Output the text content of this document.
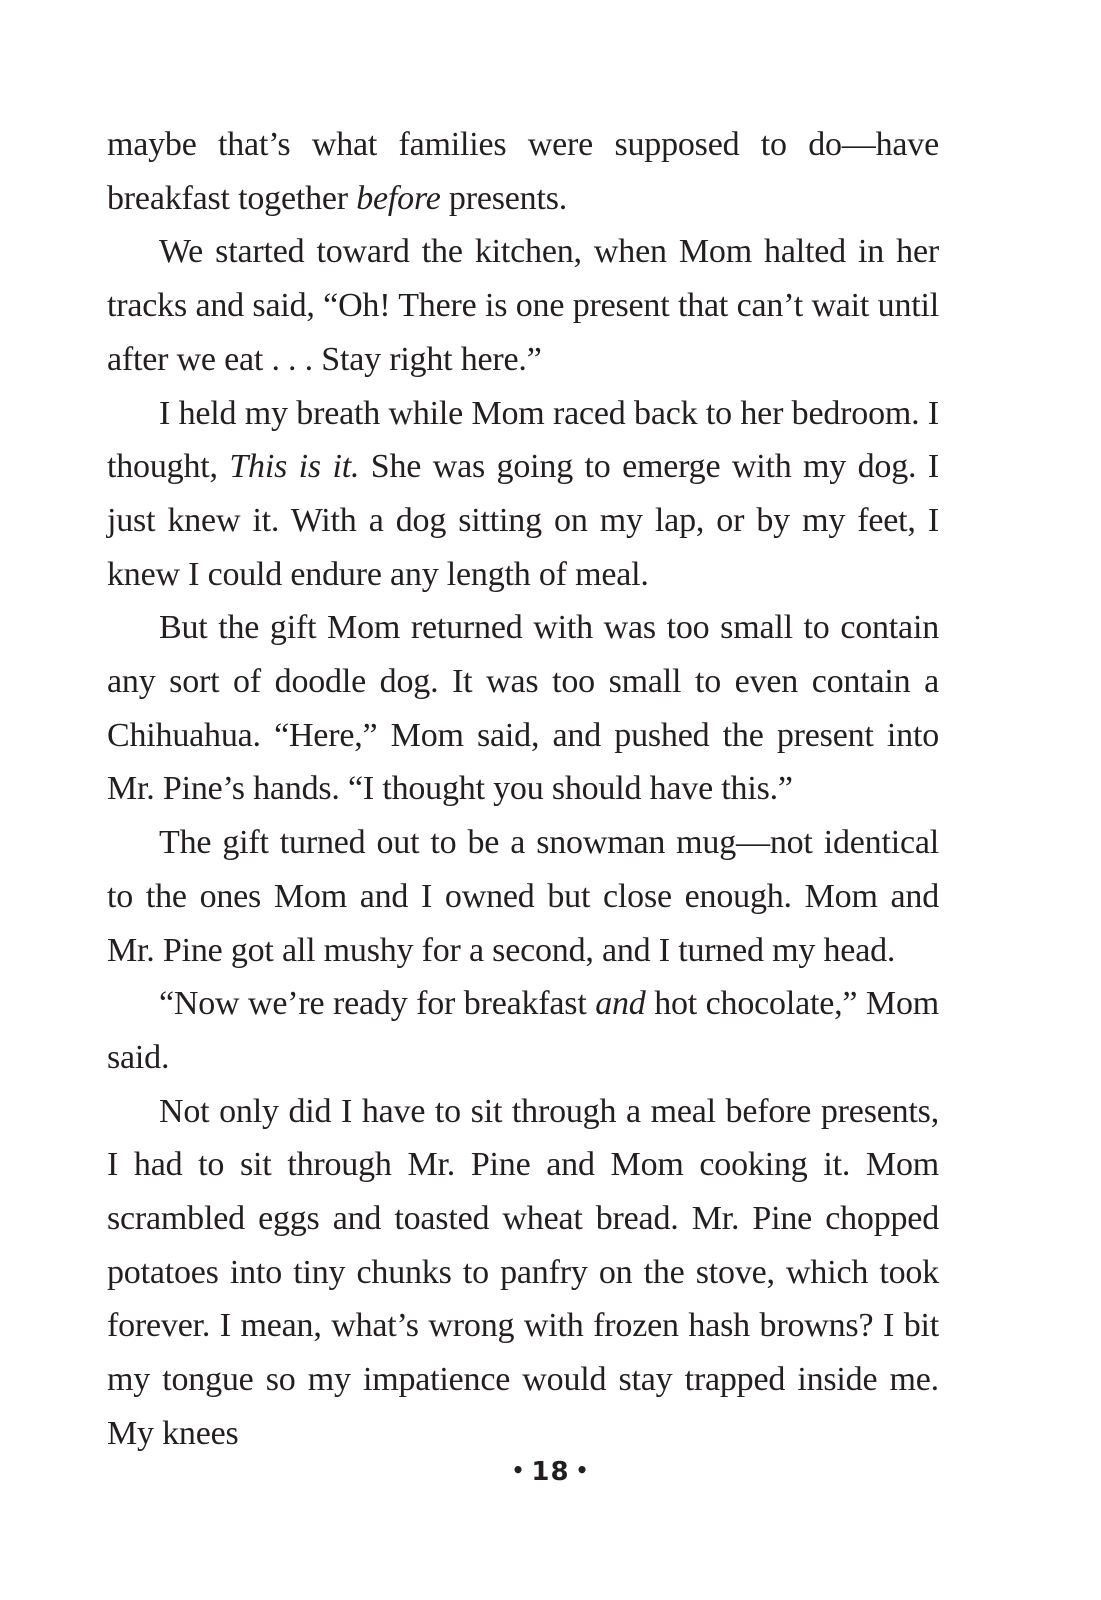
maybe that’s what families were supposed to do—have breakfast together before presents.

We started toward the kitchen, when Mom halted in her tracks and said, “Oh! There is one present that can’t wait until after we eat . . . Stay right here.”

I held my breath while Mom raced back to her bedroom. I thought, This is it. She was going to emerge with my dog. I just knew it. With a dog sitting on my lap, or by my feet, I knew I could endure any length of meal.

But the gift Mom returned with was too small to contain any sort of doodle dog. It was too small to even contain a Chihuahua. “Here,” Mom said, and pushed the present into Mr. Pine’s hands. “I thought you should have this.”

The gift turned out to be a snowman mug—not identical to the ones Mom and I owned but close enough. Mom and Mr. Pine got all mushy for a second, and I turned my head.

“Now we’re ready for breakfast and hot chocolate,” Mom said.

Not only did I have to sit through a meal before presents, I had to sit through Mr. Pine and Mom cooking it. Mom scrambled eggs and toasted wheat bread. Mr. Pine chopped potatoes into tiny chunks to panfry on the stove, which took forever. I mean, what’s wrong with frozen hash browns? I bit my tongue so my impatience would stay trapped inside me. My knees

• 18 •
